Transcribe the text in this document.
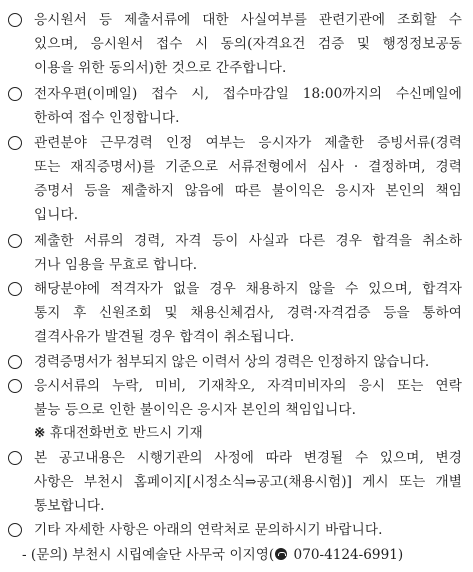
응시원서 등 제출서류에 대한 사실여부를 관련기관에 조회할 수
있으며, 응시원서 접수 시 동의(자격요건 검증 및 행정정보공동
이용을 위한 동의서)한 것으로 간주합니다.
전자우편(이메일) 접수 시, 접수마감일 18:00까지의 수신메일에
한하여 접수 인정합니다.
관련분야 근무경력 인정 여부는 응시자가 제출한 증빙서류(경력
또는 재직증명서)를 기준으로 서류전형에서 심사 · 결정하며, 경력
증명서 등을 제출하지 않음에 따른 불이익은 응시자 본인의 책임
입니다.
제출한 서류의 경력, 자격 등이 사실과 다른 경우 합격을 취소하
거나 임용을 무효로 합니다.
해당분야에 적격자가 없을 경우 채용하지 않을 수 있으며, 합격자
통지 후 신원조회 및 채용신체검사, 경력·자격검증 등을 통하여
결격사유가 발견될 경우 합격이 취소됩니다.
경력증명서가 첨부되지 않은 이력서 상의 경력은 인정하지 않습니다.
응시서류의 누락, 미비, 기재착오, 자격미비자의 응시 또는 연락
불능 등으로 인한 불이익은 응시자 본인의 책임입니다.
※ 휴대전화번호 반드시 기재
본 공고내용은 시행기관의 사정에 따라 변경될 수 있으며, 변경
사항은 부천시 홈페이지[시정소식⇒공고(채용시험)] 게시 또는 개별
통보합니다.
기타 자세한 사항은 아래의 연락처로 문의하시기 바랍니다.
- (문의) 부천시 시립예술단 사무국 이지영( 070-4124-6991)
